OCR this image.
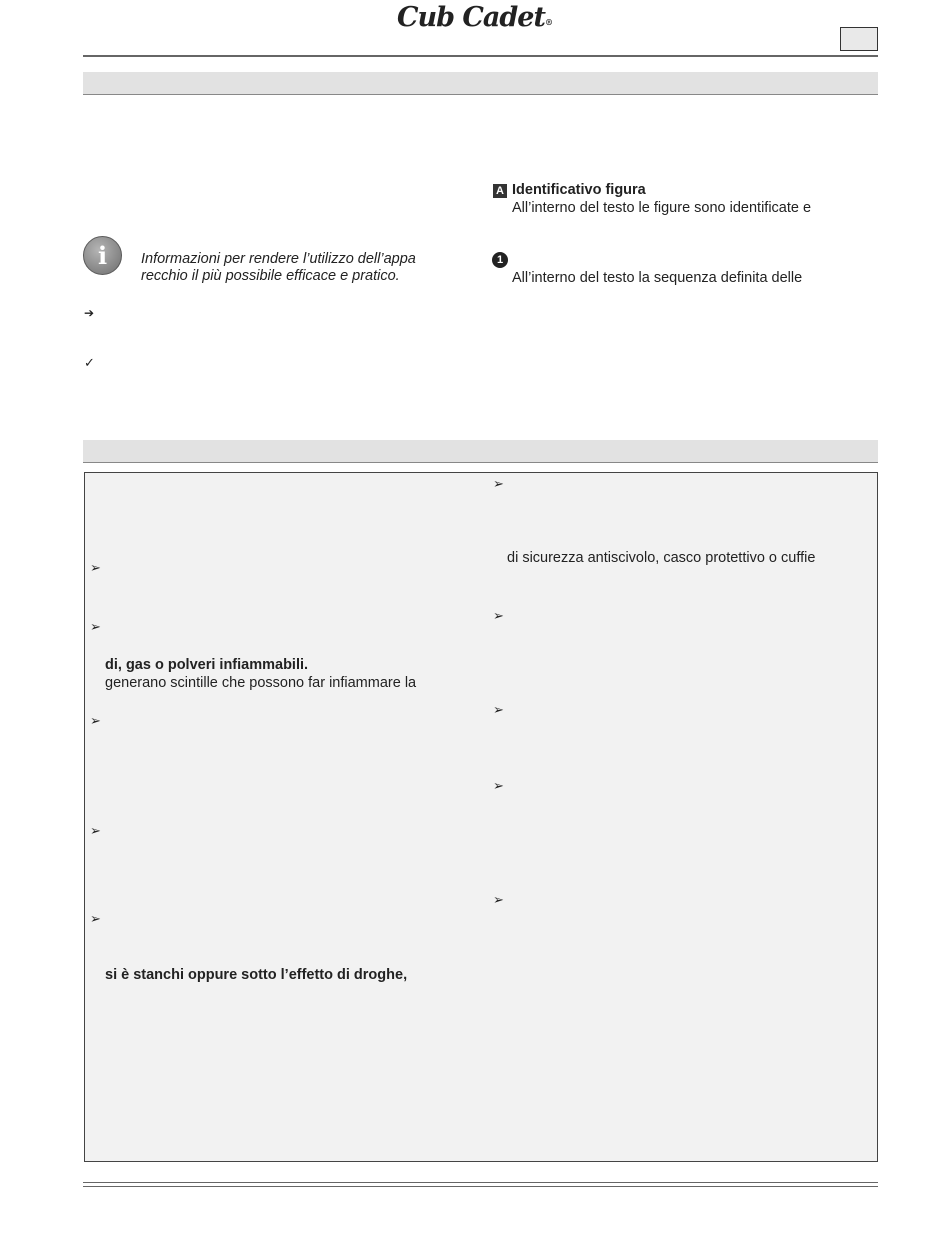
Cub Cadet®
i	Informazioni per rendere l’utilizzo dell’appa
recchio il più possibile efficace e pratico.
➔
✓
A Identificativo figura
All’interno del testo le figure sono identificate e
1
All’interno del testo la sequenza definita delle
➢
➢
di, gas o polveri infiammabili.
generano scintille che possono far infiammare la
➢
➢
➢
si è stanchi oppure sotto l’effetto di droghe,
➢
di sicurezza antiscivolo, casco protettivo o cuffie
➢
➢
➢
➢
